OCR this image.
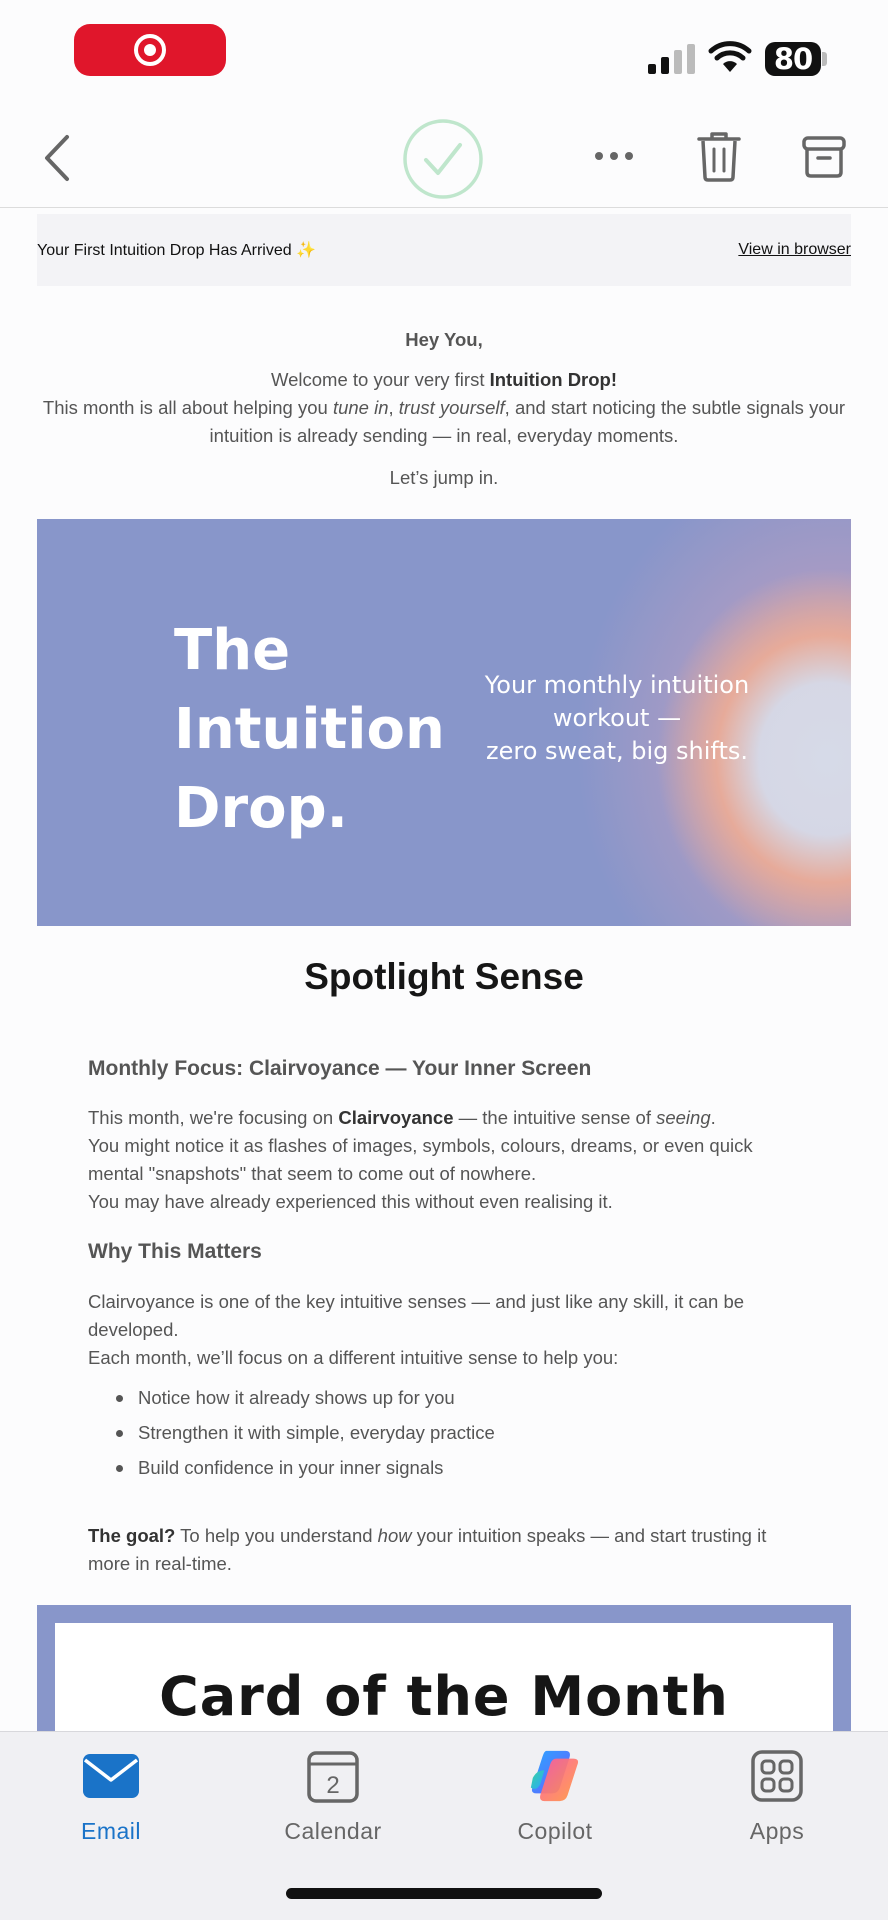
80
Your First Intuition Drop Has Arrived ✨	View in browser
Hey You,
Welcome to your very first Intuition Drop!
This month is all about helping you tune in, trust yourself, and start noticing the subtle signals your intuition is already sending — in real, everyday moments.
Let’s jump in.
The
Intuition
Drop.
Your monthly intuition
workout —
zero sweat, big shifts.
Spotlight Sense
Monthly Focus: Clairvoyance — Your Inner Screen
This month, we're focusing on Clairvoyance — the intuitive sense of seeing.
You might notice it as flashes of images, symbols, colours, dreams, or even quick mental "snapshots" that seem to come out of nowhere.
You may have already experienced this without even realising it.
Why This Matters
Clairvoyance is one of the key intuitive senses — and just like any skill, it can be developed.
Each month, we’ll focus on a different intuitive sense to help you:
Notice how it already shows up for you
Strengthen it with simple, everyday practice
Build confidence in your inner signals
The goal? To help you understand how your intuition speaks — and start trusting it more in real-time.
Card of the Month
Email
2
Calendar	Copilot	Apps
